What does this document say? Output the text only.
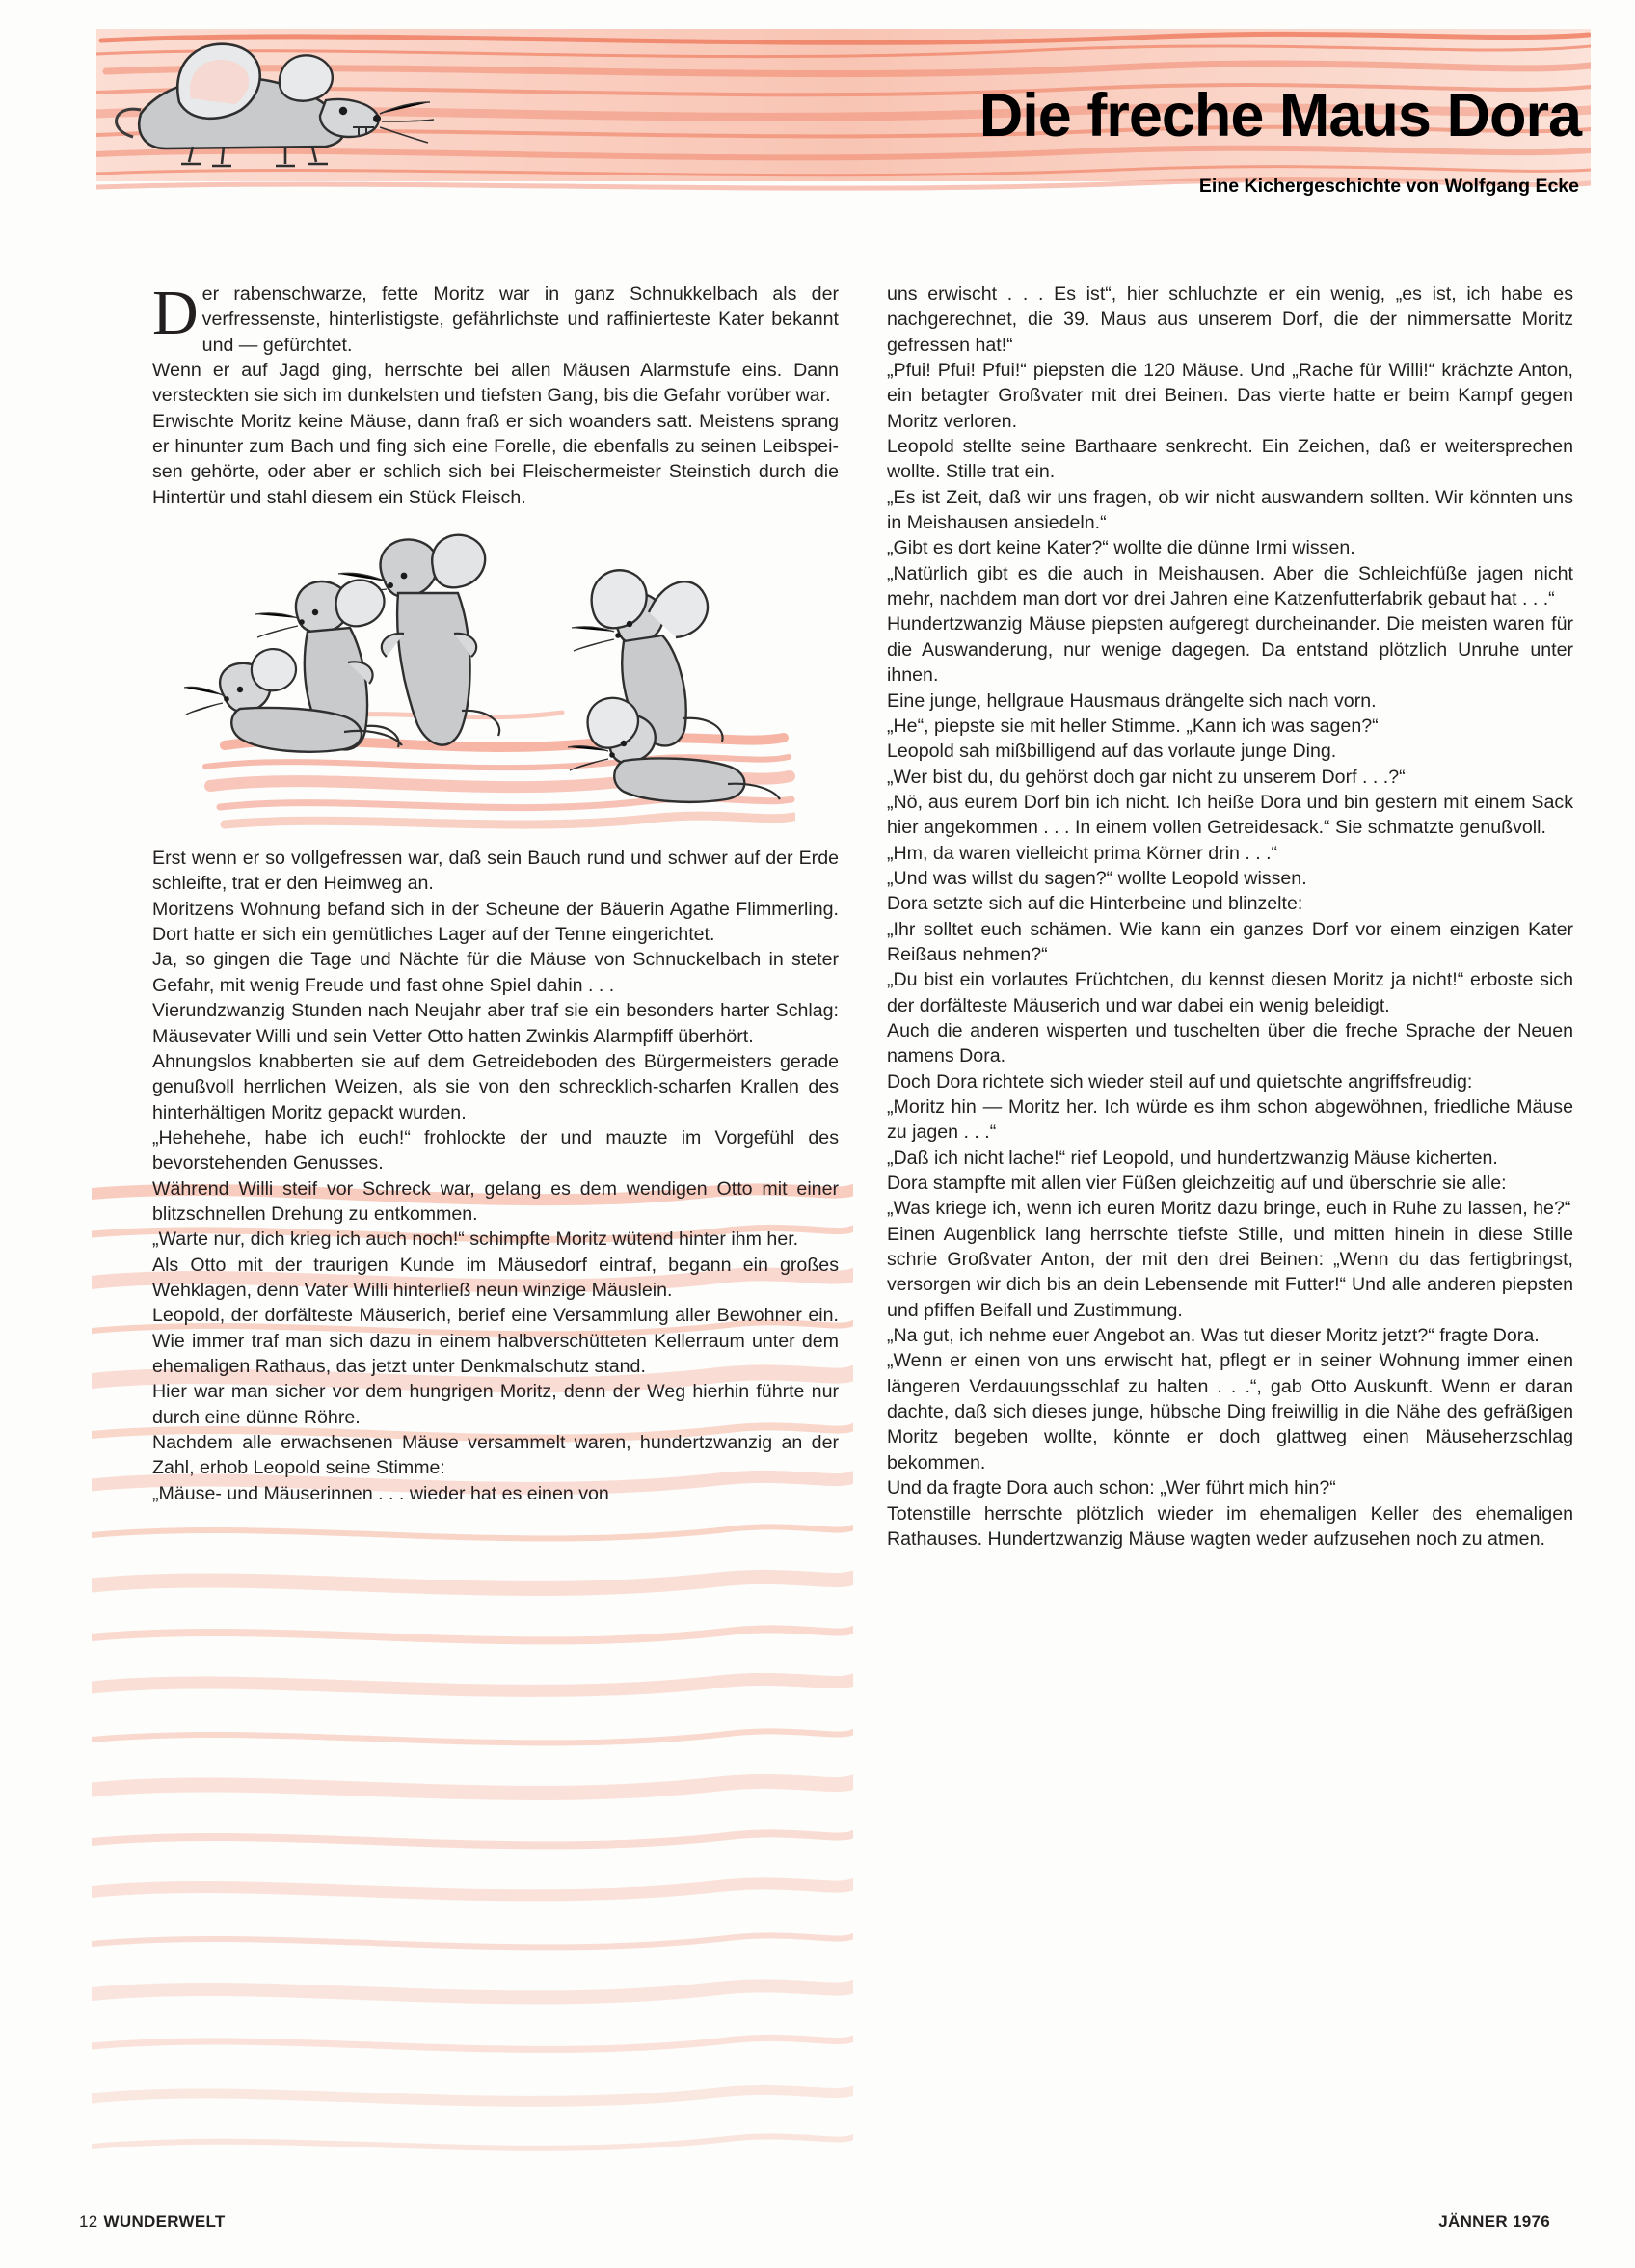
Die freche Maus Dora
Eine Kichergeschichte von Wolfgang Ecke

Der rabenschwarze, fette Moritz war in ganz Schnukkelbach als der verfressenste, hinterlistigste, gefährlichste und raffinierteste Kater bekannt und — gefürchtet.

Wenn er auf Jagd ging, herrschte bei allen Mäusen Alarmstufe eins. Dann versteckten sie sich im dunkelsten und tiefsten Gang, bis die Gefahr vorüber war.

Erwischte Moritz keine Mäuse, dann fraß er sich woanders satt. Meistens sprang er hinunter zum Bach und fing sich eine Forelle, die ebenfalls zu seinen Leibspeisen gehörte, oder aber er schlich sich bei Fleischermeister Steinstich durch die Hintertür und stahl diesem ein Stück Fleisch.

Erst wenn er so vollgefressen war, daß sein Bauch rund und schwer auf der Erde schleifte, trat er den Heimweg an.

Moritzens Wohnung befand sich in der Scheune der Bäuerin Agathe Flimmerling. Dort hatte er sich ein gemütliches Lager auf der Tenne eingerichtet.

Ja, so gingen die Tage und Nächte für die Mäuse von Schnuckelbach in steter Gefahr, mit wenig Freude und fast ohne Spiel dahin . . .

Vierundzwanzig Stunden nach Neujahr aber traf sie ein besonders harter Schlag: Mäusevater Willi und sein Vetter Otto hatten Zwinkis Alarmpfiff überhört.

Ahnungslos knabberten sie auf dem Getreideboden des Bürgermeisters gerade genußvoll herrlichen Weizen, als sie von den schrecklich-scharfen Krallen des hinterhältigen Moritz gepackt wurden.

„Hehehehe, habe ich euch!“ frohlockte der und mauzte im Vorgefühl des bevorstehenden Genusses.

Während Willi steif vor Schreck war, gelang es dem wendigen Otto mit einer blitzschnellen Drehung zu entkommen.

„Warte nur, dich krieg ich auch noch!“ schimpfte Moritz wütend hinter ihm her.

Als Otto mit der traurigen Kunde im Mäusedorf eintraf, begann ein großes Wehklagen, denn Vater Willi hinterließ neun winzige Mäuslein.

Leopold, der dorfälteste Mäuserich, berief eine Versammlung aller Bewohner ein. Wie immer traf man sich dazu in einem halbverschütteten Kellerraum unter dem ehemaligen Rathaus, das jetzt unter Denkmalschutz stand.

Hier war man sicher vor dem hungrigen Moritz, denn der Weg hierhin führte nur durch eine dünne Röhre.

Nachdem alle erwachsenen Mäuse versammelt waren, hundertzwanzig an der Zahl, erhob Leopold seine Stimme:

„Mäuse- und Mäuserinnen . . . wieder hat es einen von

uns erwischt . . . Es ist“, hier schluchzte er ein wenig, „es ist, ich habe es nachgerechnet, die 39. Maus aus unserem Dorf, die der nimmersatte Moritz gefressen hat!“

„Pfui! Pfui! Pfui!“ piepsten die 120 Mäuse. Und „Rache für Willi!“ krächzte Anton, ein betagter Großvater mit drei Beinen. Das vierte hatte er beim Kampf gegen Moritz verloren.

Leopold stellte seine Barthaare senkrecht. Ein Zeichen, daß er weitersprechen wollte. Stille trat ein.

„Es ist Zeit, daß wir uns fragen, ob wir nicht auswandern sollten. Wir könnten uns in Meishausen ansiedeln.“

„Gibt es dort keine Kater?“ wollte die dünne Irmi wissen.

„Natürlich gibt es die auch in Meishausen. Aber die Schleichfüße jagen nicht mehr, nachdem man dort vor drei Jahren eine Katzenfutterfabrik gebaut hat . . .“

Hundertzwanzig Mäuse piepsten aufgeregt durcheinander. Die meisten waren für die Auswanderung, nur wenige dagegen. Da entstand plötzlich Unruhe unter ihnen.

Eine junge, hellgraue Hausmaus drängelte sich nach vorn.

„He“, piepste sie mit heller Stimme. „Kann ich was sagen?“

Leopold sah mißbilligend auf das vorlaute junge Ding.

„Wer bist du, du gehörst doch gar nicht zu unserem Dorf . . .?“

„Nö, aus eurem Dorf bin ich nicht. Ich heiße Dora und bin gestern mit einem Sack hier angekommen . . . In einem vollen Getreidesack.“ Sie schmatzte genußvoll.

„Hm, da waren vielleicht prima Körner drin . . .“

„Und was willst du sagen?“ wollte Leopold wissen.

Dora setzte sich auf die Hinterbeine und blinzelte:

„Ihr solltet euch schämen. Wie kann ein ganzes Dorf vor einem einzigen Kater Reißaus nehmen?“

„Du bist ein vorlautes Früchtchen, du kennst diesen Moritz ja nicht!“ erboste sich der dorfälteste Mäuserich und war dabei ein wenig beleidigt.

Auch die anderen wisperten und tuschelten über die freche Sprache der Neuen namens Dora.

Doch Dora richtete sich wieder steil auf und quietschte angriffsfreudig:

„Moritz hin — Moritz her. Ich würde es ihm schon abgewöhnen, friedliche Mäuse zu jagen . . .“

„Daß ich nicht lache!“ rief Leopold, und hundertzwanzig Mäuse kicherten.

Dora stampfte mit allen vier Füßen gleichzeitig auf und überschrie sie alle:

„Was kriege ich, wenn ich euren Moritz dazu bringe, euch in Ruhe zu lassen, he?“

Einen Augenblick lang herrschte tiefste Stille, und mitten hinein in diese Stille schrie Großvater Anton, der mit den drei Beinen: „Wenn du das fertigbringst, versorgen wir dich bis an dein Lebensende mit Futter!“ Und alle anderen piepsten und pfiffen Beifall und Zustimmung.

„Na gut, ich nehme euer Angebot an. Was tut dieser Moritz jetzt?“ fragte Dora.

„Wenn er einen von uns erwischt hat, pflegt er in seiner Wohnung immer einen längeren Verdauungsschlaf zu halten . . .“, gab Otto Auskunft. Wenn er daran dachte, daß sich dieses junge, hübsche Ding freiwillig in die Nähe des gefräßigen Moritz begeben wollte, könnte er doch glattweg einen Mäuseherzschlag bekommen.

Und da fragte Dora auch schon: „Wer führt mich hin?“

Totenstille herrschte plötzlich wieder im ehemaligen Keller des ehemaligen Rathauses. Hundertzwanzig Mäuse wagten weder aufzusehen noch zu atmen.

12 WUNDERWELT	JÄNNER 1976
